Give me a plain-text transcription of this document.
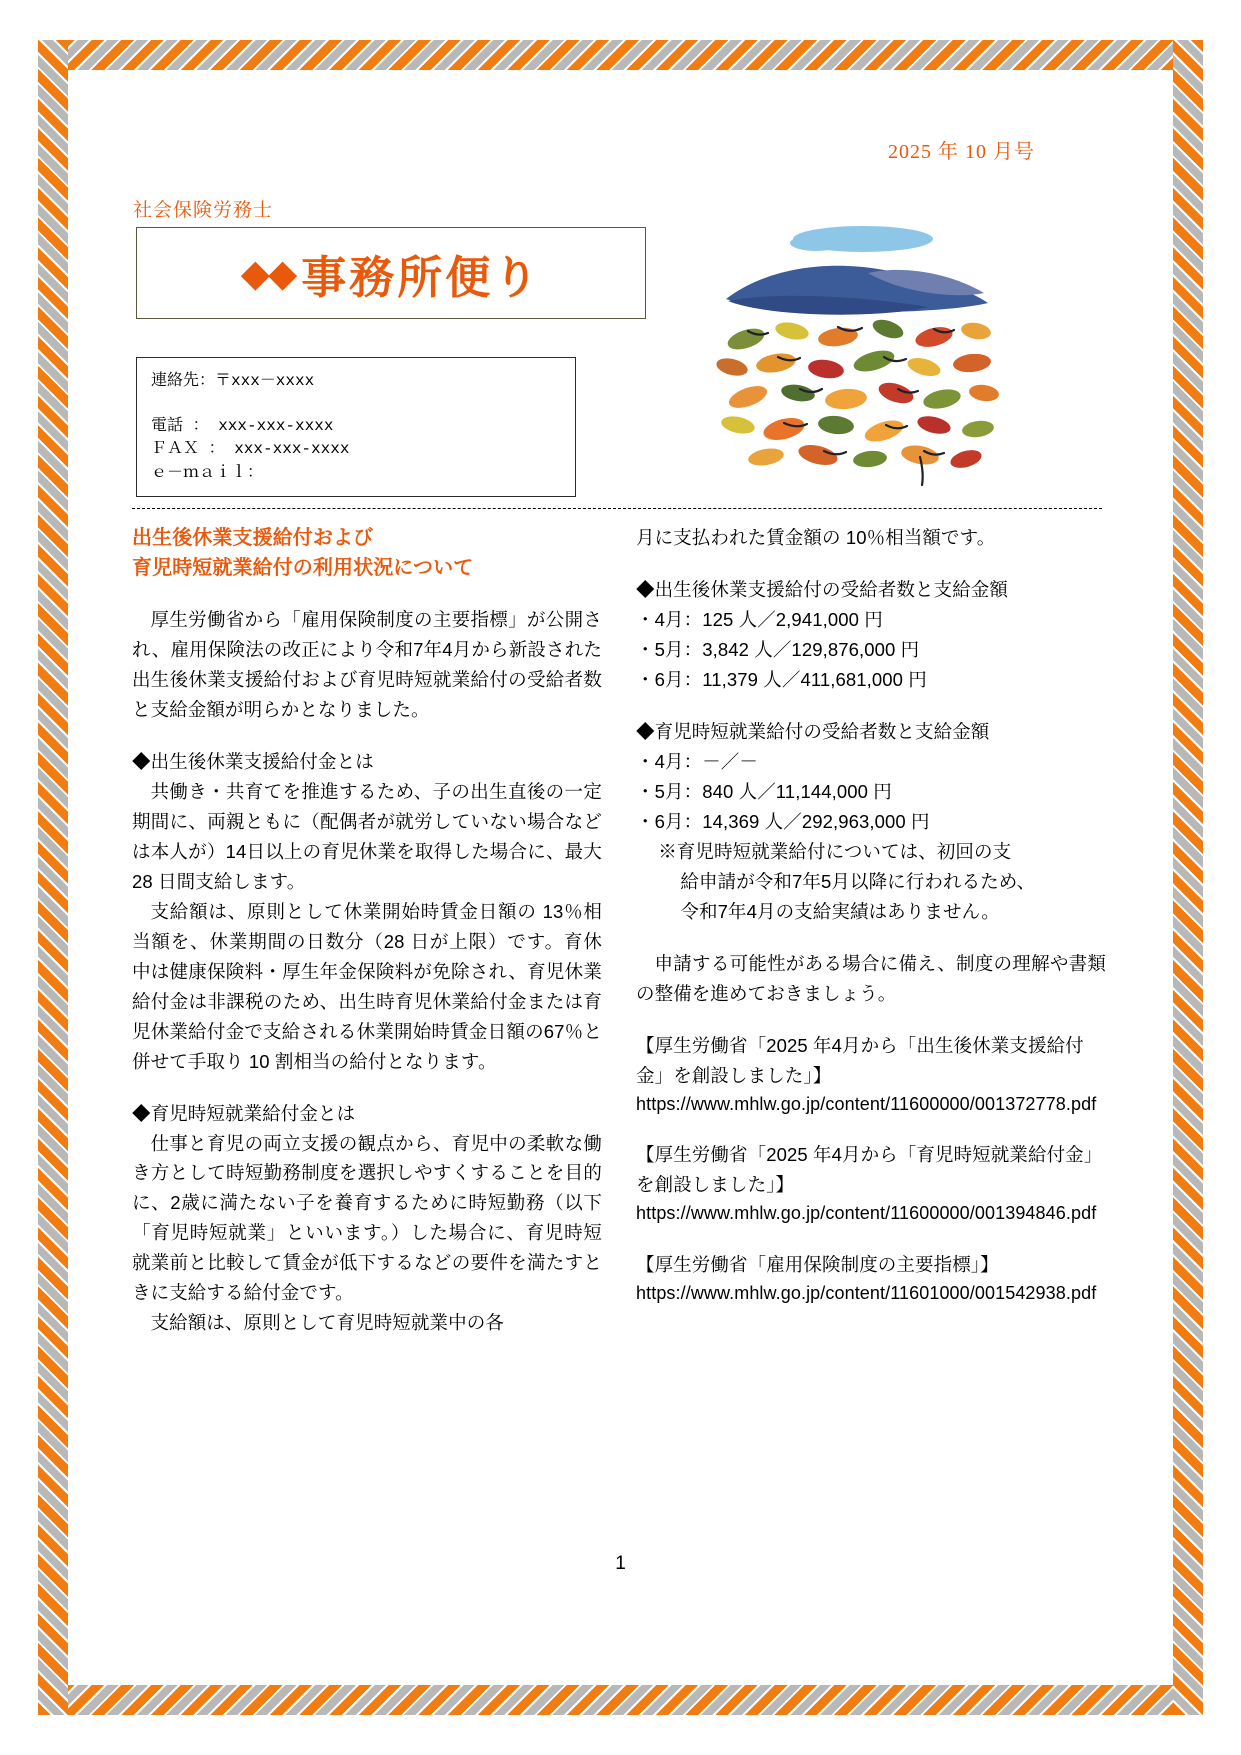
2025 年 10 月号
社会保険労務士
◆◆ 事務所便り
連絡先：〒xxx－xxxx
電話 ： xxx-xxx-xxxx
ＦＡＸ ： xxx-xxx-xxxx
ｅ－ｍａｉｌ：
出生後休業支援給付および
育児時短就業給付の利用状況について

厚生労働省から「雇用保険制度の主要指標」が公開され、雇用保険法の改正により令和7年4月から新設された出生後休業支援給付および育児時短就業給付の受給者数と支給金額が明らかとなりました。

◆出生後休業支援給付金とは

共働き・共育てを推進するため、子の出生直後の一定期間に、両親ともに（配偶者が就労していない場合などは本人が）14日以上の育児休業を取得した場合に、最大 28 日間支給します。

支給額は、原則として休業開始時賃金日額の 13％相当額を、休業期間の日数分（28 日が上限）です。育休中は健康保険料・厚生年金保険料が免除され、育児休業給付金は非課税のため、出生時育児休業給付金または育児休業給付金で支給される休業開始時賃金日額の67％と併せて手取り 10 割相当の給付となります。

◆育児時短就業給付金とは

仕事と育児の両立支援の観点から、育児中の柔軟な働き方として時短勤務制度を選択しやすくすることを目的に、2歳に満たない子を養育するために時短勤務（以下「育児時短就業」といいます。）した場合に、育児時短就業前と比較して賃金が低下するなどの要件を満たすときに支給する給付金です。

支給額は、原則として育児時短就業中の各

月に支払われた賃金額の 10％相当額です。

◆出生後休業支援給付の受給者数と支給金額

・4月：125 人／2,941,000 円

・5月：3,842 人／129,876,000 円

・6月：11,379 人／411,681,000 円

◆育児時短就業給付の受給者数と支給金額

・4月：－／－

・5月：840 人／11,144,000 円

・6月：14,369 人／292,963,000 円

※育児時短就業給付については、初回の支

給申請が令和7年5月以降に行われるため、

令和7年4月の支給実績はありません。

申請する可能性がある場合に備え、制度の理解や書類の整備を進めておきましょう。

【厚生労働省「2025 年4月から「出生後休業支援給付金」を創設しました」】

https://www.mhlw.go.jp/content/11600000/001372778.pdf

【厚生労働省「2025 年4月から「育児時短就業給付金」を創設しました」】

https://www.mhlw.go.jp/content/11600000/001394846.pdf

【厚生労働省「雇用保険制度の主要指標」】

https://www.mhlw.go.jp/content/11601000/001542938.pdf

1
